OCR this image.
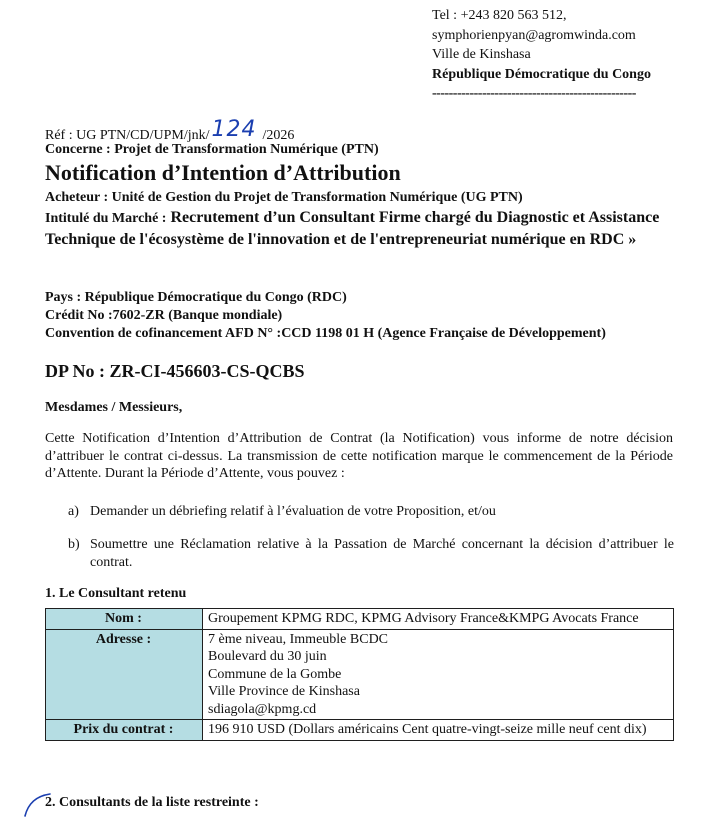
Tel : +243 820 563 512,
symphorienpyan@agromwinda.com
Ville de Kinshasa
République Démocratique du Congo
-------------------------------------------------
Réf : UG PTN/CD/UPM/jnk/124 /2026
Concerne : Projet de Transformation Numérique (PTN)
Notification d’Intention d’Attribution
Acheteur : Unité de Gestion du Projet de Transformation Numérique (UG PTN)
Intitulé du Marché : Recrutement d’un Consultant Firme chargé du Diagnostic et Assistance Technique de l'écosystème de l'innovation et de l'entrepreneuriat numérique en RDC »
Pays : République Démocratique du Congo (RDC)
Crédit No :7602-ZR (Banque mondiale)
Convention de cofinancement AFD N° :CCD 1198 01 H (Agence Française de Développement)
DP No : ZR-CI-456603-CS-QCBS
Mesdames / Messieurs,
Cette Notification d’Intention d’Attribution de Contrat (la Notification) vous informe de notre décision d’attribuer le contrat ci-dessus. La transmission de cette notification marque le commencement de la Période d’Attente. Durant la Période d’Attente, vous pouvez :
a) Demander un débriefing relatif à l’évaluation de votre Proposition, et/ou
b) Soumettre une Réclamation relative à la Passation de Marché concernant la décision d’attribuer le contrat.
1. Le Consultant retenu
Nom :	Groupement KPMG RDC, KPMG Advisory France&KMPG Avocats France
Adresse :	7 ème niveau, Immeuble BCDC
Boulevard du 30 juin
Commune de la Gombe
Ville Province de Kinshasa
sdiagola@kpmg.cd

Prix du contrat :	196 910 USD (Dollars américains Cent quatre-vingt-seize mille neuf cent dix)
2. Consultants de la liste restreinte :
